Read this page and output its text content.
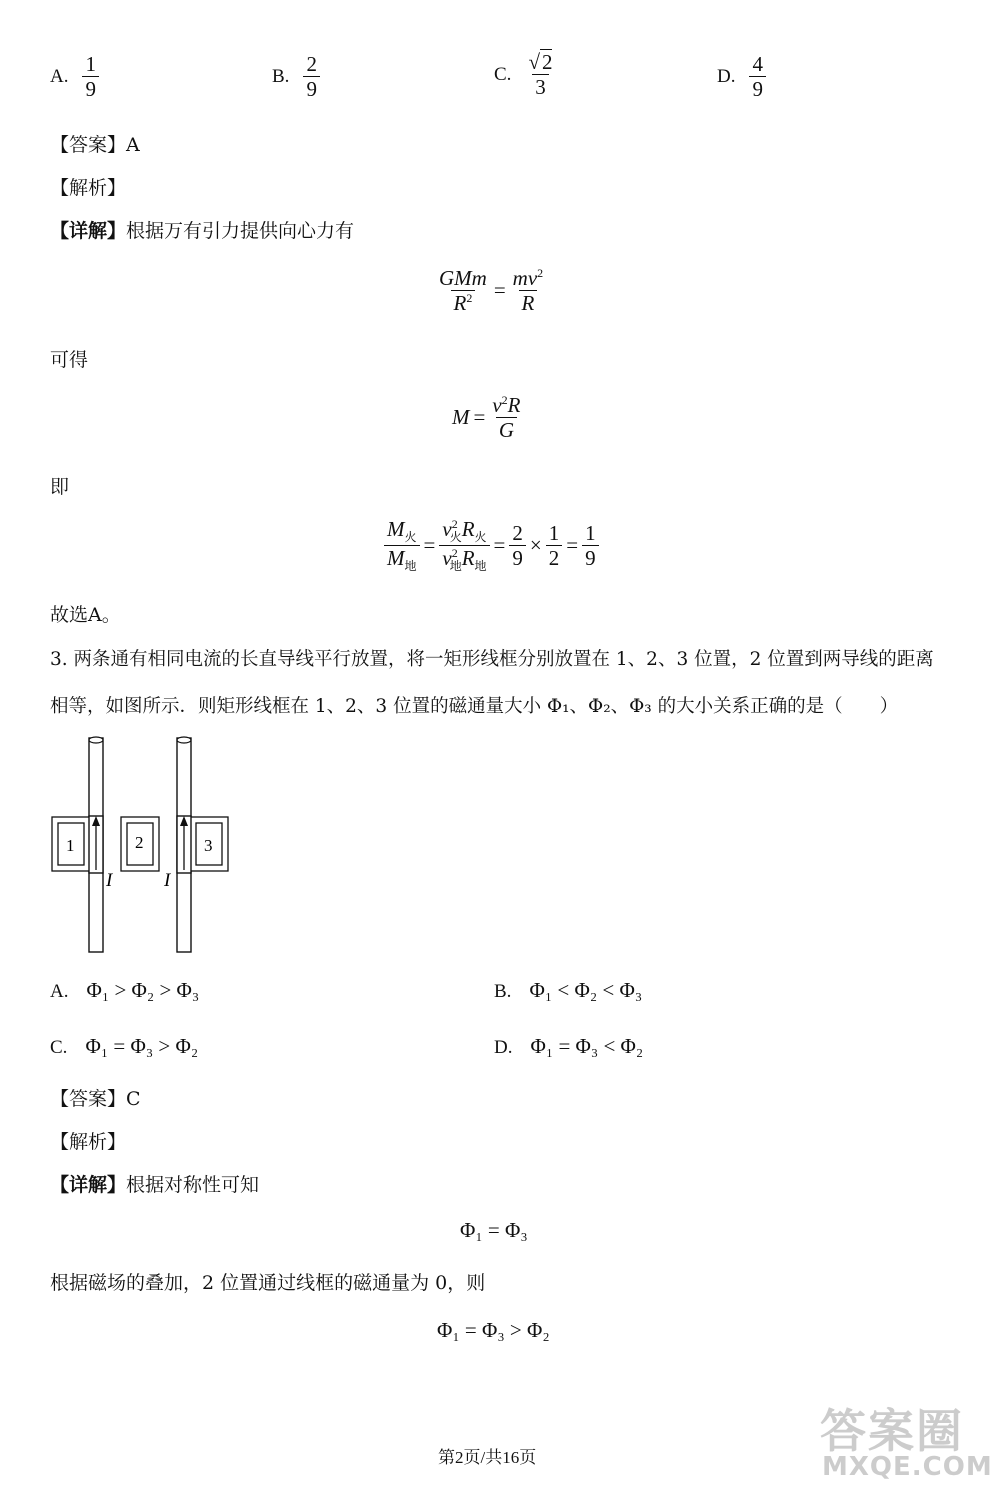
A. $\frac{1}{9}$	B. $\frac{2}{9}$	C. $\frac{√2}{3}$	D. $\frac{4}{9}$
【答案】A
【解析】
【详解】根据万有引力提供向心力有
$\frac{\text{GMm}}{R^2} = \frac{mv^2}{R}$
可得
$M = \frac{v^2R}{G}$
即
$\frac{M_火}{M_地} = \frac{v^2_火R_火}{v^2_地R_地} = \frac{2}{9} \times \frac{1}{2} = \frac{1}{9}$
故选A。
3. 两条通有相同电流的长直导线平行放置，将一矩形线框分别放置在 1、2、3 位置，2 位置到两导线的距离
相等，如图所示．则矩形线框在 1、2、3 位置的磁通量大小 Φ₁、Φ₂、Φ₃ 的大小关系正确的是（　　）
1	2	3
I	I
A. Φ₁ > Φ₂ > Φ₃	B. Φ₁ < Φ₂ < Φ₃
C. Φ₁ = Φ₃ > Φ₂	D. Φ₁ = Φ₃ < Φ₂
【答案】C
【解析】
【详解】根据对称性可知
Φ₁ = Φ₃
根据磁场的叠加，2 位置通过线框的磁通量为 0，则
Φ₁ = Φ₃ > Φ₂
答案圈
MXQE.COM
第2页/共16页
